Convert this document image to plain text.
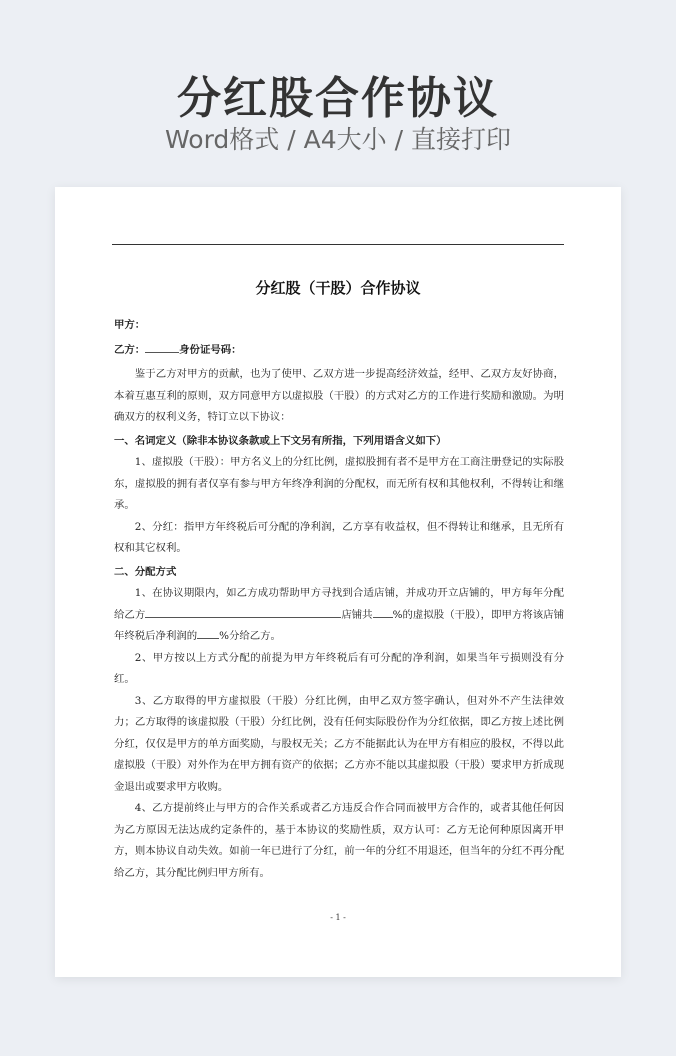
分红股合作协议
Word格式 / A4大小 / 直接打印
分红股（干股）合作协议

甲方：

乙方：	身份证号码：

鉴于乙方对甲方的贡献，也为了使甲、乙双方进一步提高经济效益，经甲、乙双方友好协商，本着互惠互利的原则，双方同意甲方以虚拟股（干股）的方式对乙方的工作进行奖励和激励。为明确双方的权利义务，特订立以下协议：

一、名词定义（除非本协议条款或上下文另有所指，下列用语含义如下）

1、虚拟股（干股）：甲方名义上的分红比例，虚拟股拥有者不是甲方在工商注册登记的实际股东，虚拟股的拥有者仅享有参与甲方年终净利润的分配权，而无所有权和其他权利，不得转让和继承。

2、分红：指甲方年终税后可分配的净利润，乙方享有收益权，但不得转让和继承，且无所有权和其它权利。

二、分配方式

1、在协议期限内，如乙方成功帮助甲方寻找到合适店铺，并成功开立店铺的，甲方每年分配给乙方	店铺共 %的虚拟股（干股），即甲方将该店铺年终税后净利润的 %分给乙方。

2、甲方按以上方式分配的前提为甲方年终税后有可分配的净利润，如果当年亏损则没有分红。

3、乙方取得的甲方虚拟股（干股）分红比例，由甲乙双方签字确认，但对外不产生法律效力；乙方取得的该虚拟股（干股）分红比例，没有任何实际股份作为分红依据，即乙方按上述比例分红，仅仅是甲方的单方面奖励，与股权无关；乙方不能据此认为在甲方有相应的股权，不得以此虚拟股（干股）对外作为在甲方拥有资产的依据；乙方亦不能以其虚拟股（干股）要求甲方折成现金退出或要求甲方收购。

4、乙方提前终止与甲方的合作关系或者乙方违反合作合同而被甲方合作的，或者其他任何因为乙方原因无法达成约定条件的，基于本协议的奖励性质，双方认可：乙方无论何种原因离开甲方，则本协议自动失效。如前一年已进行了分红，前一年的分红不用退还，但当年的分红不再分配给乙方，其分配比例归甲方所有。

- 1 -
